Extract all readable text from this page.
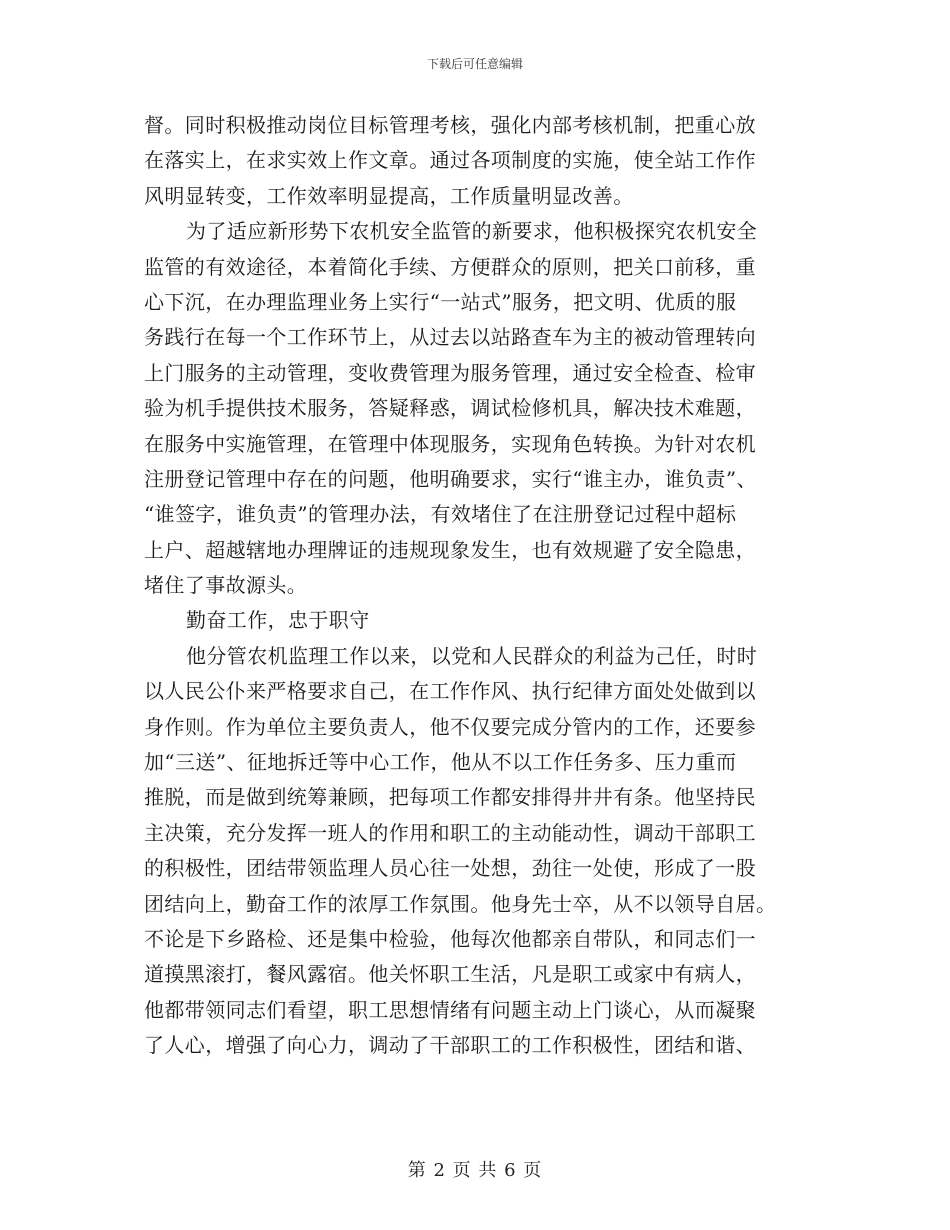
下载后可任意编辑
督。同时积极推动岗位目标管理考核，强化内部考核机制，把重心放
在落实上，在求实效上作文章。通过各项制度的实施，使全站工作作
风明显转变，工作效率明显提高，工作质量明显改善。
为了适应新形势下农机安全监管的新要求，他积极探究农机安全
监管的有效途径，本着简化手续、方便群众的原则，把关口前移，重
心下沉，在办理监理业务上实行“一站式”服务，把文明、优质的服
务践行在每一个工作环节上，从过去以站路查车为主的被动管理转向
上门服务的主动管理，变收费管理为服务管理，通过安全检查、检审
验为机手提供技术服务，答疑释惑，调试检修机具，解决技术难题，
在服务中实施管理，在管理中体现服务，实现角色转换。为针对农机
注册登记管理中存在的问题，他明确要求，实行“谁主办，谁负责”、
“谁签字，谁负责”的管理办法，有效堵住了在注册登记过程中超标
上户、超越辖地办理牌证的违规现象发生，也有效规避了安全隐患，
堵住了事故源头。
勤奋工作，忠于职守
他分管农机监理工作以来，以党和人民群众的利益为己任，时时
以人民公仆来严格要求自己，在工作作风、执行纪律方面处处做到以
身作则。作为单位主要负责人，他不仅要完成分管内的工作，还要参
加“三送”、征地拆迁等中心工作，他从不以工作任务多、压力重而
推脱，而是做到统筹兼顾，把每项工作都安排得井井有条。他坚持民
主决策，充分发挥一班人的作用和职工的主动能动性，调动干部职工
的积极性，团结带领监理人员心往一处想，劲往一处使，形成了一股
团结向上，勤奋工作的浓厚工作氛围。他身先士卒，从不以领导自居。
不论是下乡路检、还是集中检验，他每次他都亲自带队，和同志们一
道摸黑滚打，餐风露宿。他关怀职工生活，凡是职工或家中有病人，
他都带领同志们看望，职工思想情绪有问题主动上门谈心，从而凝聚
了人心，增强了向心力，调动了干部职工的工作积极性，团结和谐、
第 2 页 共 6 页
